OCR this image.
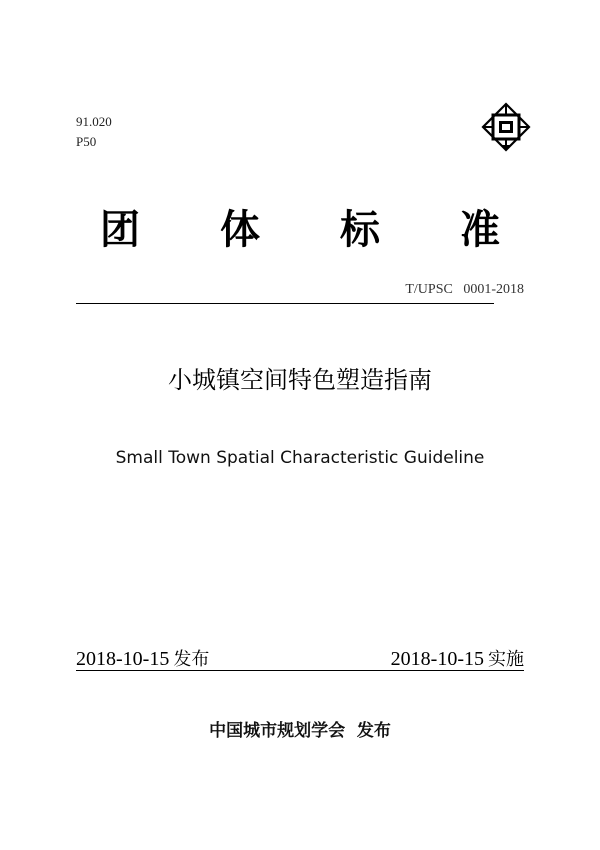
91.020
P50
团 体 标 准
T/UPSC 0001-2018
小城镇空间特色塑造指南
Small Town Spatial Characteristic Guideline
2018-10-15 发布	2018-10-15 实施
中国城市规划学会  发布
